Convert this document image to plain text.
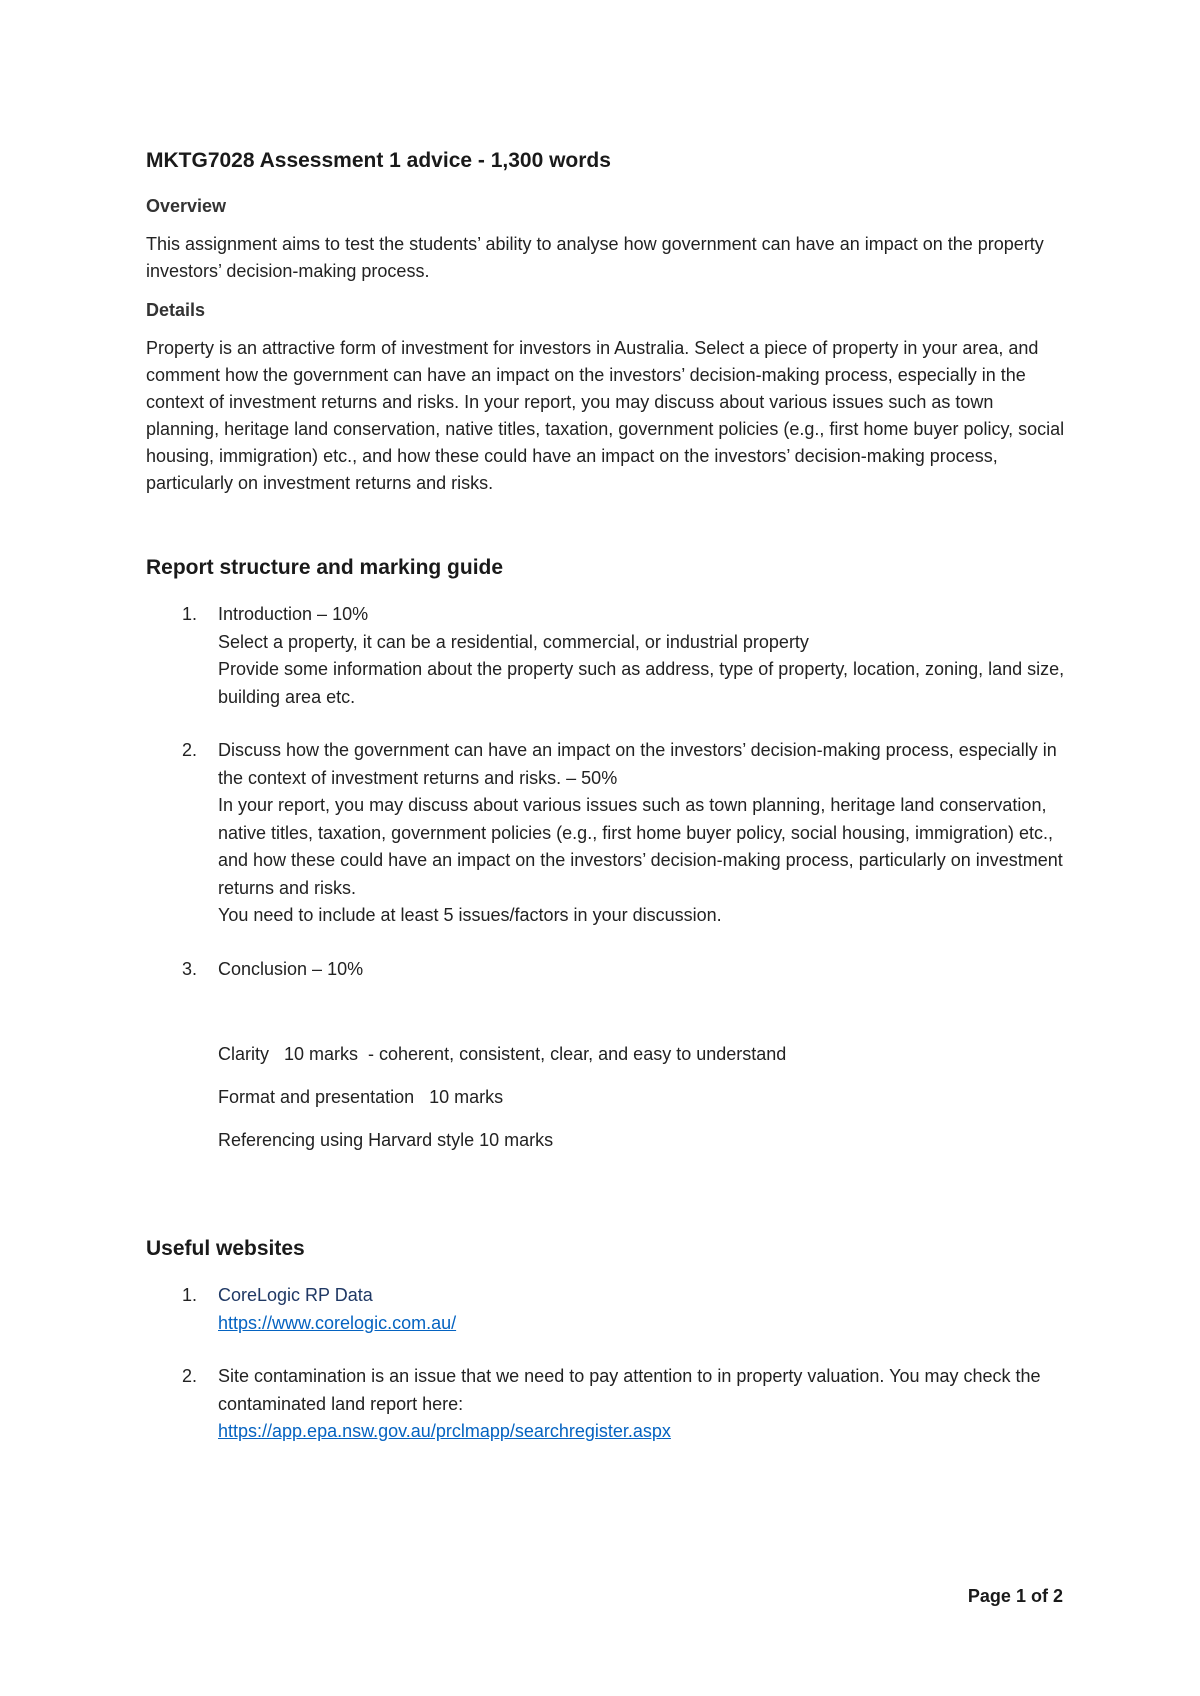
MKTG7028 Assessment 1 advice - 1,300 words
Overview
This assignment aims to test the students’ ability to analyse how government can have an impact on the property investors’ decision-making process.
Details
Property is an attractive form of investment for investors in Australia. Select a piece of property in your area, and comment how the government can have an impact on the investors’ decision-making process, especially in the context of investment returns and risks. In your report, you may discuss about various issues such as town planning, heritage land conservation, native titles, taxation, government policies (e.g., first home buyer policy, social housing, immigration) etc., and how these could have an impact on the investors’ decision-making process, particularly on investment returns and risks.
Report structure and marking guide
1. Introduction – 10%
Select a property, it can be a residential, commercial, or industrial property
Provide some information about the property such as address, type of property, location, zoning, land size, building area etc.
2. Discuss how the government can have an impact on the investors’ decision-making process, especially in the context of investment returns and risks. – 50%
In your report, you may discuss about various issues such as town planning, heritage land conservation, native titles, taxation, government policies (e.g., first home buyer policy, social housing, immigration) etc., and how these could have an impact on the investors’ decision-making process, particularly on investment returns and risks.
You need to include at least 5 issues/factors in your discussion.
3. Conclusion – 10%
Clarity   10 marks  - coherent, consistent, clear, and easy to understand
Format and presentation   10 marks
Referencing using Harvard style 10 marks
Useful websites
1. CoreLogic RP Data
https://www.corelogic.com.au/
2. Site contamination is an issue that we need to pay attention to in property valuation. You may check the contaminated land report here:
https://app.epa.nsw.gov.au/prclmapp/searchregister.aspx
Page 1 of 2
